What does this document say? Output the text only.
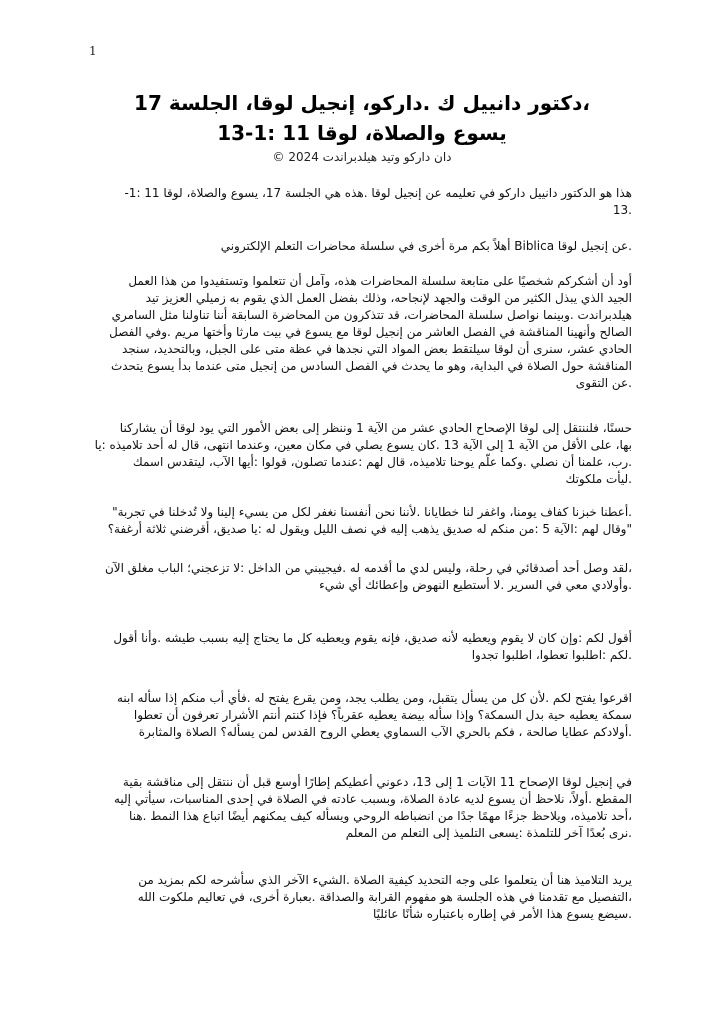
1
،دكتور دانييل ك .داركو، إنجيل لوقا، الجلسة 17
يسوع والصلاة، لوقا 11 :1-13
دان داركو وتيد هيلدبراندت 2024 ©
هذا هو الدكتور دانييل داركو في تعليمه عن إنجيل لوقا .هذه هي الجلسة 17، يسوع والصلاة، لوقا 11 :1-
.13
.عن إنجيل لوقا Biblica أهلاً بكم مرة أخرى في سلسلة محاضرات التعلم الإلكتروني
أود أن أشكركم شخصيًا على متابعة سلسلة المحاضرات هذه، وآمل أن تتعلموا وتستفيدوا من هذا العمل
الجيد الذي يبذل الكثير من الوقت والجهد لإنجاحه، وذلك بفضل العمل الذي يقوم به زميلي العزيز تيد
هيلدبراندت .وبينما نواصل سلسلة المحاضرات، قد تتذكرون من المحاضرة السابقة أننا تناولنا مثل السامري
الصالح وأنهينا المناقشة في الفصل العاشر من إنجيل لوقا مع يسوع في بيت مارثا وأختها مريم .وفي الفصل
الحادي عشر، سنرى أن لوقا سيلتقط بعض المواد التي نجدها في عظة متى على الجبل، وبالتحديد، سنجد
المناقشة حول الصلاة في البداية، وهو ما يحدث في الفصل السادس من إنجيل متى عندما بدأ يسوع يتحدث
.عن التقوى
حسنًا، فلننتقل إلى لوقا الإصحاح الحادي عشر من الآية 1 وننظر إلى بعض الأمور التي يود لوقا أن يشاركنا
بها، على الأقل من الآية 1 إلى الآية 13 .كان يسوع يصلي في مكان معين، وعندما انتهى، قال له أحد تلاميذه :يا
.رب، علمنا أن نصلي .وكما علّم يوحنا تلاميذه، قال لهم :عندما تصلون، قولوا :أيها الآب، ليتقدس اسمك
.ليأت ملكوتك
.أعطنا خبزنا كفاف يومنا، واغفر لنا خطايانا .لأننا نحن أنفسنا نغفر لكل من يسيء إلينا ولا تُدخلنا في تجربة"
"وقال لهم :الآية 5 :من منكم له صديق يذهب إليه في نصف الليل ويقول له :يا صديق، أقرضني ثلاثة أرغفة؟
،لقد وصل أحد أصدقائي في رحلة، وليس لدي ما أقدمه له .فيجيبني من الداخل :لا تزعجني؛ الباب مغلق الآن
.وأولادي معي في السرير .لا أستطيع النهوض وإعطائك أي شيء
أقول لكم :وإن كان لا يقوم ويعطيه لأنه صديق، فإنه يقوم ويعطيه كل ما يحتاج إليه بسبب طيشه .وأنا أقول
.لكم :اطلبوا تعطوا، اطلبوا تجدوا
اقرعوا يفتح لكم .لأن كل من يسأل يتقبل، ومن يطلب يجد، ومن يقرع يفتح له .فأي أب منكم إذا سأله ابنه
سمكة يعطيه حية بدل السمكة؟ وإذا سأله بيضة يعطيه عقرباً؟ فإذا كنتم أنتم الأشرار تعرفون أن تعطوا
.أولادكم عطايا صالحة ، فكم بالحري الآب السماوي يعطي الروح القدس لمن يسأله؟ الصلاة والمثابرة
في إنجيل لوقا الإصحاح 11 الآيات 1 إلى 13، دعوني أعطيكم إطارًا أوسع قبل أن ننتقل إلى مناقشة بقية
المقطع .أولاً، نلاحظ أن يسوع لديه عادة الصلاة، وبسبب عادته في الصلاة في إحدى المناسبات، سيأتي إليه
،أحد تلاميذه، ويلاحظ جزءًا مهمًا جدًا من انضباطه الروحي ويسأله كيف يمكنهم أيضًا اتباع هذا النمط .هنا
.نرى بُعدًا آخر للتلمذة :يسعى التلميذ إلى التعلم من المعلم
يريد التلاميذ هنا أن يتعلموا على وجه التحديد كيفية الصلاة .الشيء الآخر الذي سأشرحه لكم بمزيد من
،التفصيل مع تقدمنا في هذه الجلسة هو مفهوم القرابة والصداقة .بعبارة أخرى، في تعاليم ملكوت الله
.سيضع يسوع هذا الأمر في إطاره باعتباره شأنًا عائليًا
